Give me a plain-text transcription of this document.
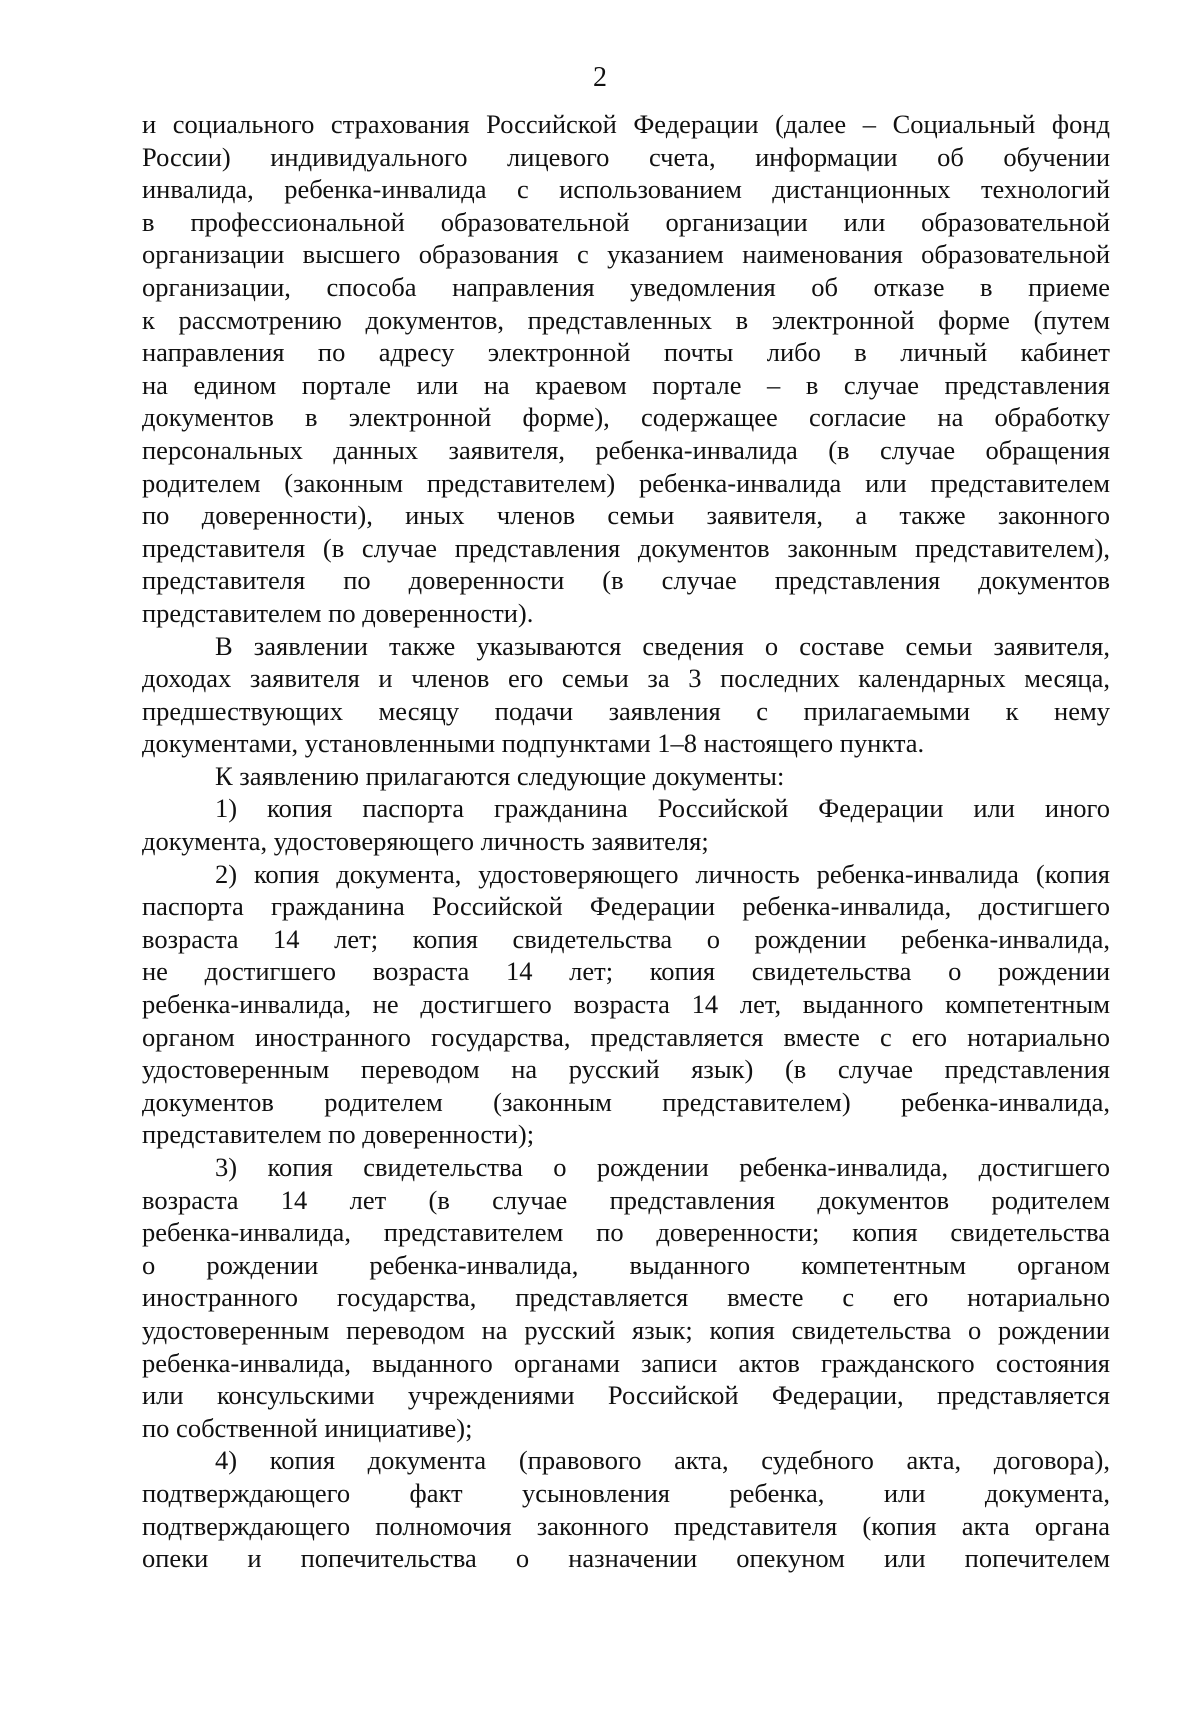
2
и социального страхования Российской Федерации (далее – Социальный фонд
России) индивидуального лицевого счета, информации об обучении
инвалида, ребенка-инвалида с использованием дистанционных технологий
в профессиональной образовательной организации или образовательной
организации высшего образования с указанием наименования образовательной
организации, способа направления уведомления об отказе в приеме
к рассмотрению документов, представленных в электронной форме (путем
направления по адресу электронной почты либо в личный кабинет
на едином портале или на краевом портале – в случае представления
документов в электронной форме), содержащее согласие на обработку
персональных данных заявителя, ребенка-инвалида (в случае обращения
родителем (законным представителем) ребенка-инвалида или представителем
по доверенности), иных членов семьи заявителя, а также законного
представителя (в случае представления документов законным представителем),
представителя по доверенности (в случае представления документов
представителем по доверенности).
В заявлении также указываются сведения о составе семьи заявителя,
доходах заявителя и членов его семьи за 3 последних календарных месяца,
предшествующих месяцу подачи заявления с прилагаемыми к нему
документами, установленными подпунктами 1–8 настоящего пункта.
К заявлению прилагаются следующие документы:
1) копия паспорта гражданина Российской Федерации или иного
документа, удостоверяющего личность заявителя;
2) копия документа, удостоверяющего личность ребенка-инвалида (копия
паспорта гражданина Российской Федерации ребенка-инвалида, достигшего
возраста 14 лет; копия свидетельства о рождении ребенка-инвалида,
не достигшего возраста 14 лет; копия свидетельства о рождении
ребенка-инвалида, не достигшего возраста 14 лет, выданного компетентным
органом иностранного государства, представляется вместе с его нотариально
удостоверенным переводом на русский язык) (в случае представления
документов родителем (законным представителем) ребенка-инвалида,
представителем по доверенности);
3) копия свидетельства о рождении ребенка-инвалида, достигшего
возраста 14 лет (в случае представления документов родителем
ребенка-инвалида, представителем по доверенности; копия свидетельства
о рождении ребенка-инвалида, выданного компетентным органом
иностранного государства, представляется вместе с его нотариально
удостоверенным переводом на русский язык; копия свидетельства о рождении
ребенка-инвалида, выданного органами записи актов гражданского состояния
или консульскими учреждениями Российской Федерации, представляется
по собственной инициативе);
4) копия документа (правового акта, судебного акта, договора),
подтверждающего факт усыновления ребенка, или документа,
подтверждающего полномочия законного представителя (копия акта органа
опеки и попечительства о назначении опекуном или попечителем
